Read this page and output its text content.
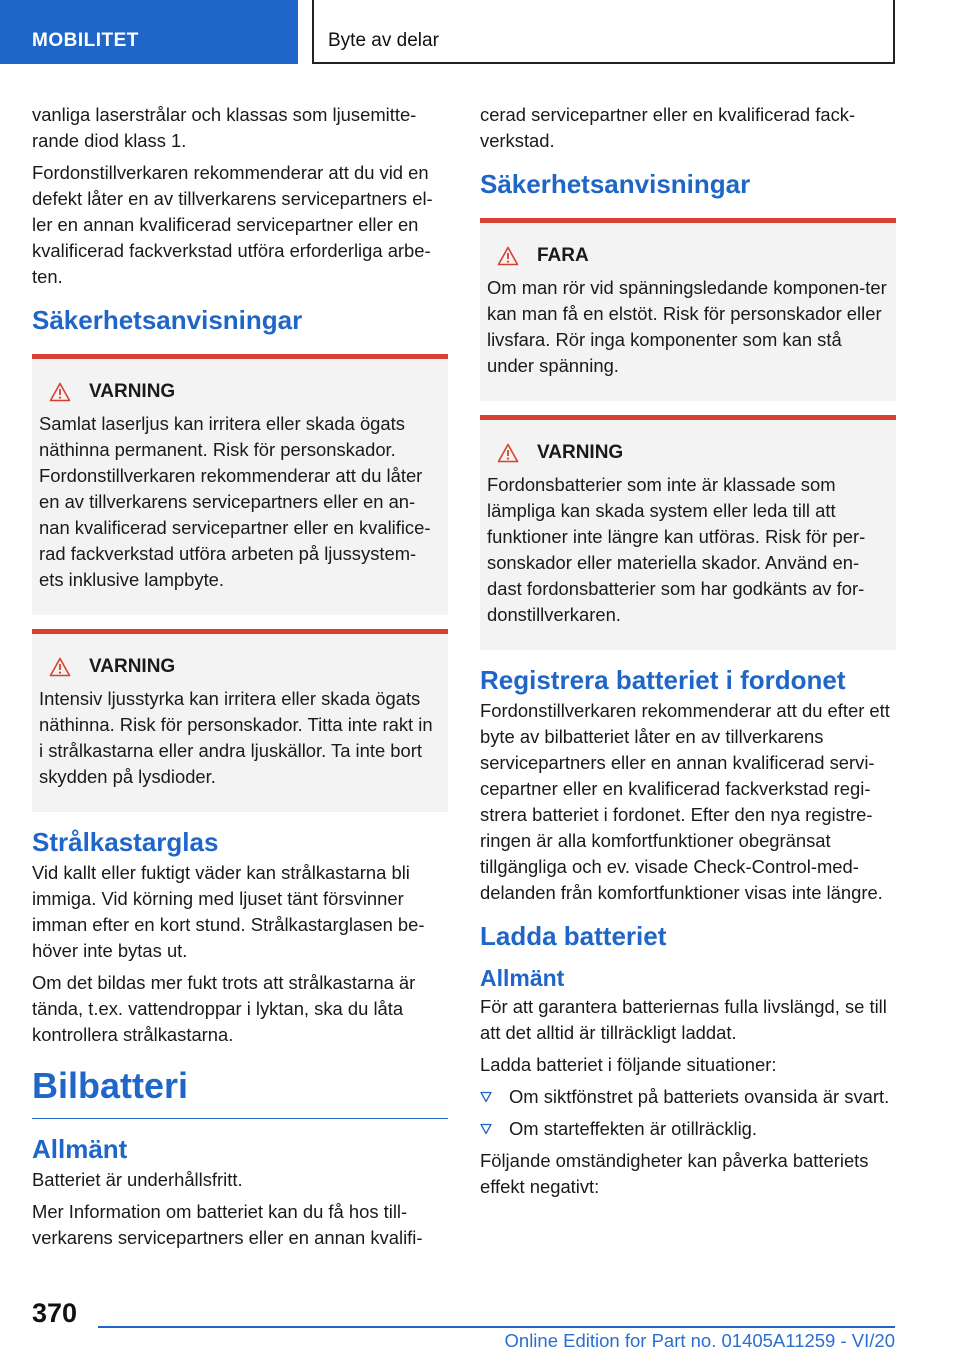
MOBILITET	Byte av delar

vanliga laserstrålar och klassas som ljusemitte-rande diod klass 1.

Fordonstillverkaren rekommenderar att du vid en defekt låter en av tillverkarens servicepartners el-ler en annan kvalificerad servicepartner eller en kvalificerad fackverkstad utföra erforderliga arbe-ten.

Säkerhetsanvisningar
VARNING

Samlat laserljus kan irritera eller skada ögats näthinna permanent. Risk för personskador. Fordonstillverkaren rekommenderar att du låter en av tillverkarens servicepartners eller en an-nan kvalificerad servicepartner eller en kvalifice-rad fackverkstad utföra arbeten på ljussystem-ets inklusive lampbyte.

VARNING

Intensiv ljusstyrka kan irritera eller skada ögats näthinna. Risk för personskador. Titta inte rakt in i strålkastarna eller andra ljuskällor. Ta inte bort skydden på lysdioder.

Strålkastarglas

Vid kallt eller fuktigt väder kan strålkastarna bli immiga. Vid körning med ljuset tänt försvinner imman efter en kort stund. Strålkastarglasen be-höver inte bytas ut.

Om det bildas mer fukt trots att strålkastarna är tända, t.ex. vattendroppar i lyktan, ska du låta kontrollera strålkastarna.

Bilbatteri
Allmänt

Batteriet är underhållsfritt.

Mer Information om batteriet kan du få hos till-verkarens servicepartners eller en annan kvalifi-

cerad servicepartner eller en kvalificerad fack-verkstad.

Säkerhetsanvisningar
FARA

Om man rör vid spänningsledande komponen-ter kan man få en elstöt. Risk för personskador eller livsfara. Rör inga komponenter som kan stå under spänning.

VARNING

Fordonsbatterier som inte är klassade som lämpliga kan skada system eller leda till att funktioner inte längre kan utföras. Risk för per-sonskador eller materiella skador. Använd en-dast fordonsbatterier som har godkänts av for-donstillverkaren.

Registrera batteriet i fordonet

Fordonstillverkaren rekommenderar att du efter ett byte av bilbatteriet låter en av tillverkarens servicepartners eller en annan kvalificerad servi-cepartner eller en kvalificerad fackverkstad regi-strera batteriet i fordonet. Efter den nya registre-ringen är alla komfortfunktioner obegränsat tillgängliga och ev. visade Check-Control-med-delanden från komfortfunktioner visas inte längre.

Ladda batteriet
Allmänt

För att garantera batteriernas fulla livslängd, se till att det alltid är tillräckligt laddat.

Ladda batteriet i följande situationer:

Om siktfönstret på batteriets ovansida är svart.
Om starteffekten är otillräcklig.

Följande omständigheter kan påverka batteriets effekt negativt:

370
Online Edition for Part no. 01405A11259 - VI/20
